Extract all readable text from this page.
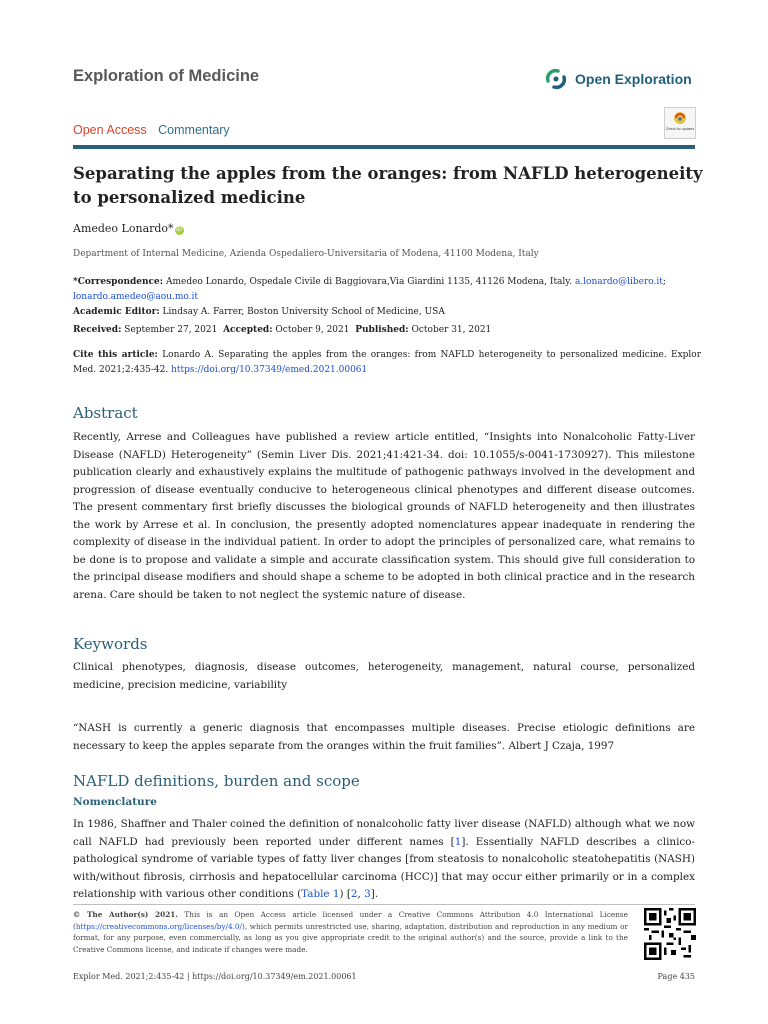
Exploration of Medicine	Open Exploration
Open Access Commentary	Check for updates
Separating the apples from the oranges: from NAFLD heterogeneity to personalized medicine
Amedeo Lonardo* iD
Department of Internal Medicine, Azienda Ospedaliero-Universitaria of Modena, 41100 Modena, Italy
*Correspondence: Amedeo Lonardo, Ospedale Civile di Baggiovara,Via Giardini 1135, 41126 Modena, Italy. a.lonardo@libero.it; lonardo.amedeo@aou.mo.it
Academic Editor: Lindsay A. Farrer, Boston University School of Medicine, USA
Received: September 27, 2021 Accepted: October 9, 2021 Published: October 31, 2021
Cite this article: Lonardo A. Separating the apples from the oranges: from NAFLD heterogeneity to personalized medicine. Explor Med. 2021;2:435-42. https://doi.org/10.37349/emed.2021.00061
Abstract
Recently, Arrese and Colleagues have published a review article entitled, “Insights into Nonalcoholic Fatty-Liver Disease (NAFLD) Heterogeneity” (Semin Liver Dis. 2021;41:421-34. doi: 10.1055/s-0041-1730927). This milestone publication clearly and exhaustively explains the multitude of pathogenic pathways involved in the development and progression of disease eventually conducive to heterogeneous clinical phenotypes and different disease outcomes. The present commentary first briefly discusses the biological grounds of NAFLD heterogeneity and then illustrates the work by Arrese et al. In conclusion, the presently adopted nomenclatures appear inadequate in rendering the complexity of disease in the individual patient. In order to adopt the principles of personalized care, what remains to be done is to propose and validate a simple and accurate classification system. This should give full consideration to the principal disease modifiers and should shape a scheme to be adopted in both clinical practice and in the research arena. Care should be taken to not neglect the systemic nature of disease.
Keywords
Clinical phenotypes, diagnosis, disease outcomes, heterogeneity, management, natural course, personalized medicine, precision medicine, variability
“NASH is currently a generic diagnosis that encompasses multiple diseases. Precise etiologic definitions are necessary to keep the apples separate from the oranges within the fruit families”. Albert J Czaja, 1997
NAFLD definitions, burden and scope
Nomenclature
In 1986, Shaffner and Thaler coined the definition of nonalcoholic fatty liver disease (NAFLD) although what we now call NAFLD had previously been reported under different names [1]. Essentially NAFLD describes a clinico-pathological syndrome of variable types of fatty liver changes [from steatosis to nonalcoholic steatohepatitis (NASH) with/without fibrosis, cirrhosis and hepatocellular carcinoma (HCC)] that may occur either primarily or in a complex relationship with various other conditions (Table 1) [2, 3].
© The Author(s) 2021. This is an Open Access article licensed under a Creative Commons Attribution 4.0 International License (https://creativecommons.org/licenses/by/4.0/), which permits unrestricted use, sharing, adaptation, distribution and reproduction in any medium or format, for any purpose, even commercially, as long as you give appropriate credit to the original author(s) and the source, provide a link to the Creative Commons license, and indicate if changes were made.
Explor Med. 2021;2:435-42 | https://doi.org/10.37349/em.2021.00061	Page 435
